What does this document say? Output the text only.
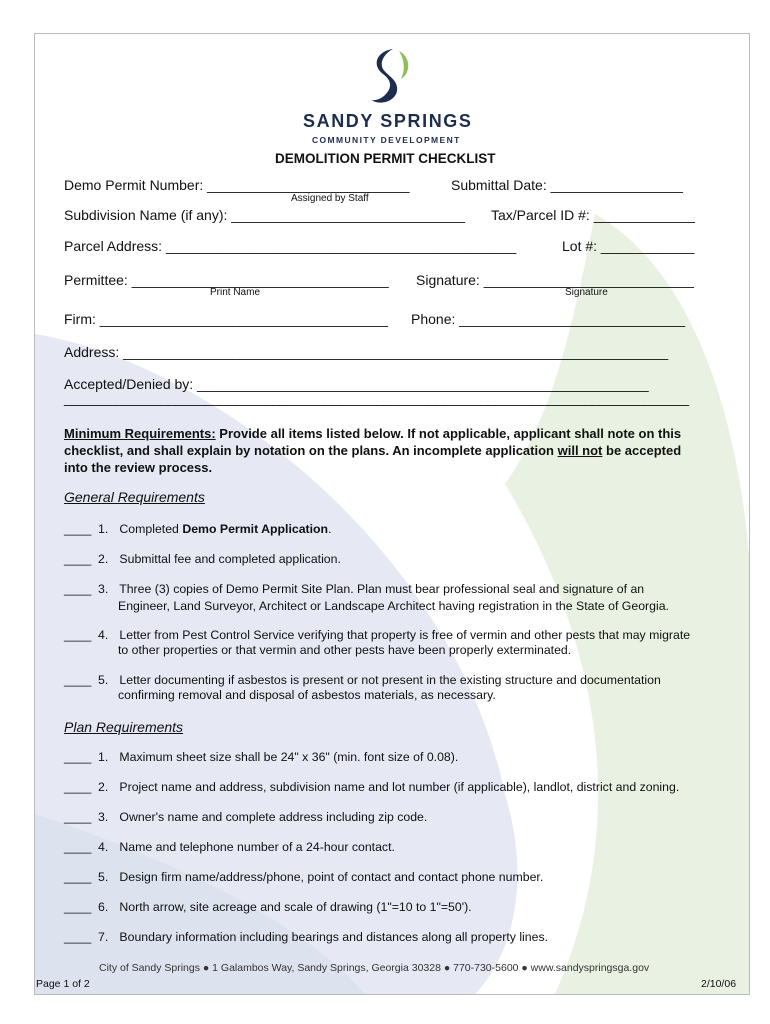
SANDY SPRINGS
COMMUNITY DEVELOPMENT
DEMOLITION PERMIT CHECKLIST
Demo Permit Number: __________________________
Assigned by Staff
Submittal Date: _________________
Subdivision Name (if any): ______________________________ Tax/Parcel ID #: _____________
Parcel Address: _____________________________________________	Lot #: ____________
Permittee: _________________________________
Print Name
Signature: ___________________________
Signature
Firm: _____________________________________ Phone: _____________________________
Address: ______________________________________________________________________
Accepted/Denied by: __________________________________________________________
____________________________________________________________________________________
Minimum Requirements: Provide all items listed below. If not applicable, applicant shall note on this checklist, and shall explain by notation on the plans. An incomplete application will not be accepted into the review process.
General Requirements
____ 1. Completed Demo Permit Application.
____ 2. Submittal fee and completed application.
____ 3. Three (3) copies of Demo Permit Site Plan. Plan must bear professional seal and signature of an
Engineer, Land Surveyor, Architect or Landscape Architect having registration in the State of Georgia.
____ 4. Letter from Pest Control Service verifying that property is free of vermin and other pests that may migrate
to other properties or that vermin and other pests have been properly exterminated.
____ 5. Letter documenting if asbestos is present or not present in the existing structure and documentation
confirming removal and disposal of asbestos materials, as necessary.
Plan Requirements
____ 1. Maximum sheet size shall be 24" x 36" (min. font size of 0.08).
____ 2. Project name and address, subdivision name and lot number (if applicable), landlot, district and zoning.
____ 3. Owner's name and complete address including zip code.
____ 4. Name and telephone number of a 24-hour contact.
____ 5. Design firm name/address/phone, point of contact and contact phone number.
____ 6. North arrow, site acreage and scale of drawing (1"=10 to 1"=50').
____ 7. Boundary information including bearings and distances along all property lines.
City of Sandy Springs ● 1 Galambos Way, Sandy Springs, Georgia 30328 ● 770-730-5600 ● www.sandyspringsga.gov
Page 1 of 2	2/10/06
